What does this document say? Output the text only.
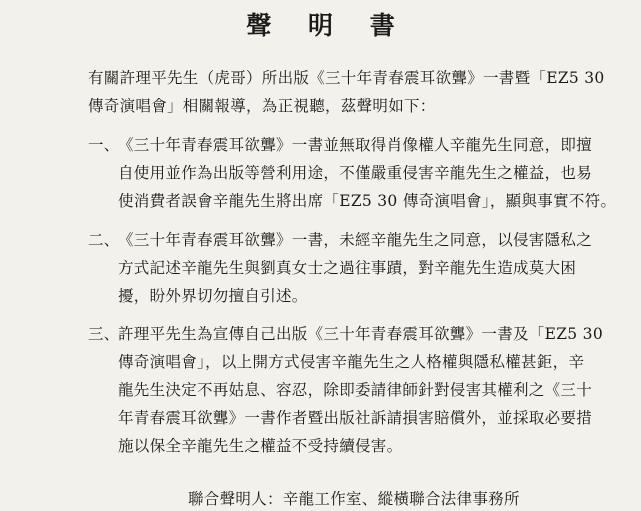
聲 明 書
有關許理平先生（虎哥）所出版《三十年青春震耳欲聾》一書暨「EZ5 30
傳奇演唱會」相關報導，為正視聽，茲聲明如下：
一、
《三十年青春震耳欲聾》一書並無取得肖像權人辛龍先生同意，即擅
自使用並作為出版等營利用途，不僅嚴重侵害辛龍先生之權益，也易
使消費者誤會辛龍先生將出席「EZ5 30 傳奇演唱會」，顯與事實不符。
二、
《三十年青春震耳欲聾》一書，未經辛龍先生之同意，以侵害隱私之
方式記述辛龍先生與劉真女士之過往事蹟，對辛龍先生造成莫大困
擾，盼外界切勿擅自引述。
三、
許理平先生為宣傳自己出版《三十年青春震耳欲聾》一書及「EZ5 30
傳奇演唱會」，以上開方式侵害辛龍先生之人格權與隱私權甚鉅，辛
龍先生決定不再姑息、容忍，除即委請律師針對侵害其權利之《三十
年青春震耳欲聾》一書作者暨出版社訴請損害賠償外，並採取必要措
施以保全辛龍先生之權益不受持續侵害。
聯合聲明人：辛龍工作室、縱橫聯合法律事務所
